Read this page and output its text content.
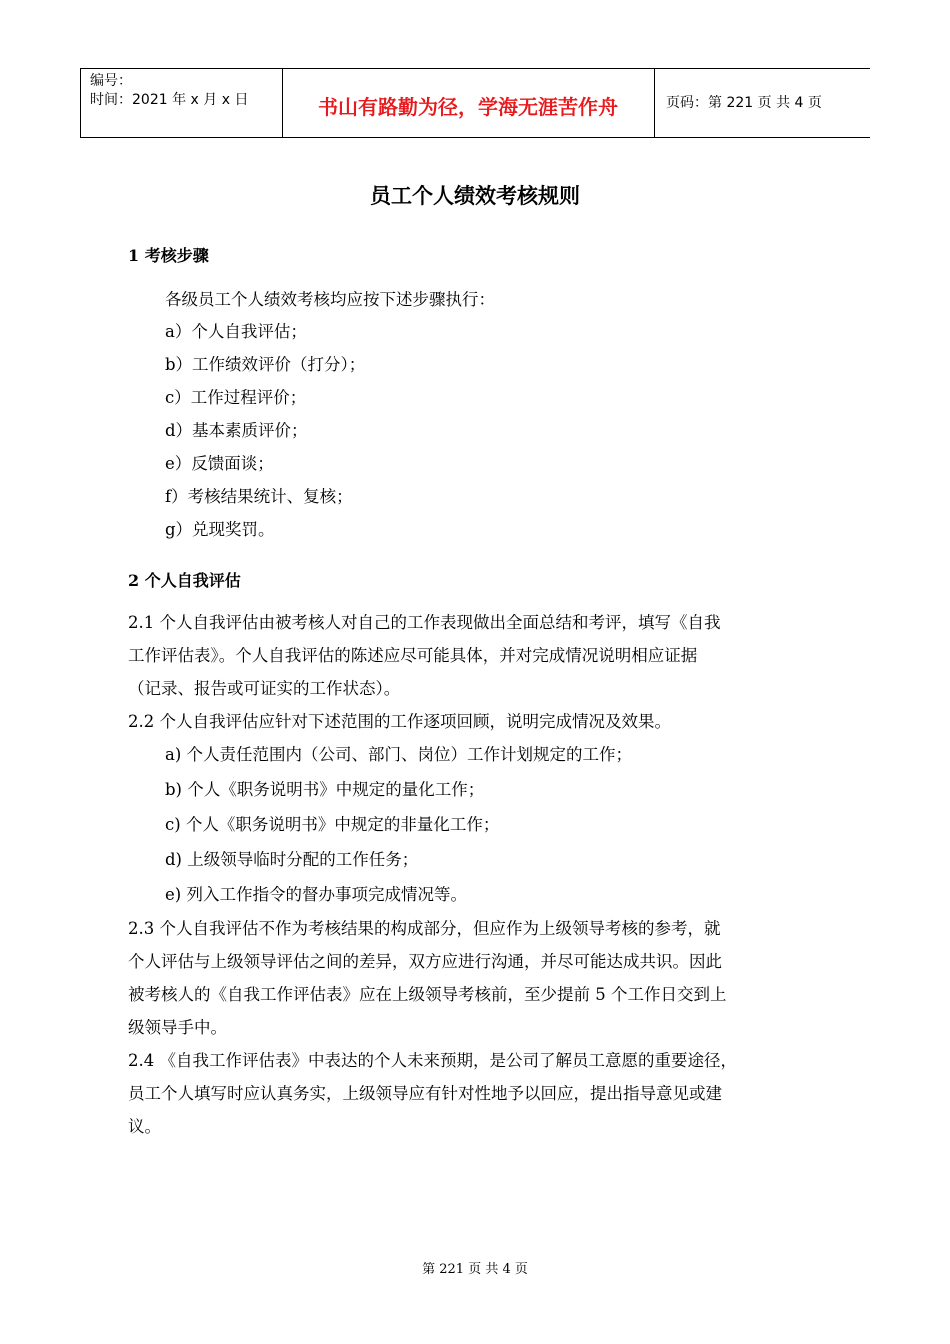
编号：
时间：2021 年 x 月 x 日	书山有路勤为径，学海无涯苦作舟	页码：第 221 页 共 4 页
员工个人绩效考核规则
1 考核步骤
各级员工个人绩效考核均应按下述步骤执行：
a）个人自我评估；
b）工作绩效评价（打分）；
c）工作过程评价；
d）基本素质评价；
e）反馈面谈；
f）考核结果统计、复核；
g）兑现奖罚。
2 个人自我评估
2.1 个人自我评估由被考核人对自己的工作表现做出全面总结和考评，填写《自我
工作评估表》。个人自我评估的陈述应尽可能具体，并对完成情况说明相应证据
（记录、报告或可证实的工作状态）。
2.2 个人自我评估应针对下述范围的工作逐项回顾，说明完成情况及效果。
a) 个人责任范围内（公司、部门、岗位）工作计划规定的工作；
b) 个人《职务说明书》中规定的量化工作；
c) 个人《职务说明书》中规定的非量化工作；
d) 上级领导临时分配的工作任务；
e) 列入工作指令的督办事项完成情况等。
2.3 个人自我评估不作为考核结果的构成部分，但应作为上级领导考核的参考，就
个人评估与上级领导评估之间的差异，双方应进行沟通，并尽可能达成共识。因此
被考核人的《自我工作评估表》应在上级领导考核前，至少提前 5 个工作日交到上
级领导手中。
2.4 《自我工作评估表》中表达的个人未来预期，是公司了解员工意愿的重要途径，
员工个人填写时应认真务实，上级领导应有针对性地予以回应，提出指导意见或建
议。
第 221 页 共 4 页
